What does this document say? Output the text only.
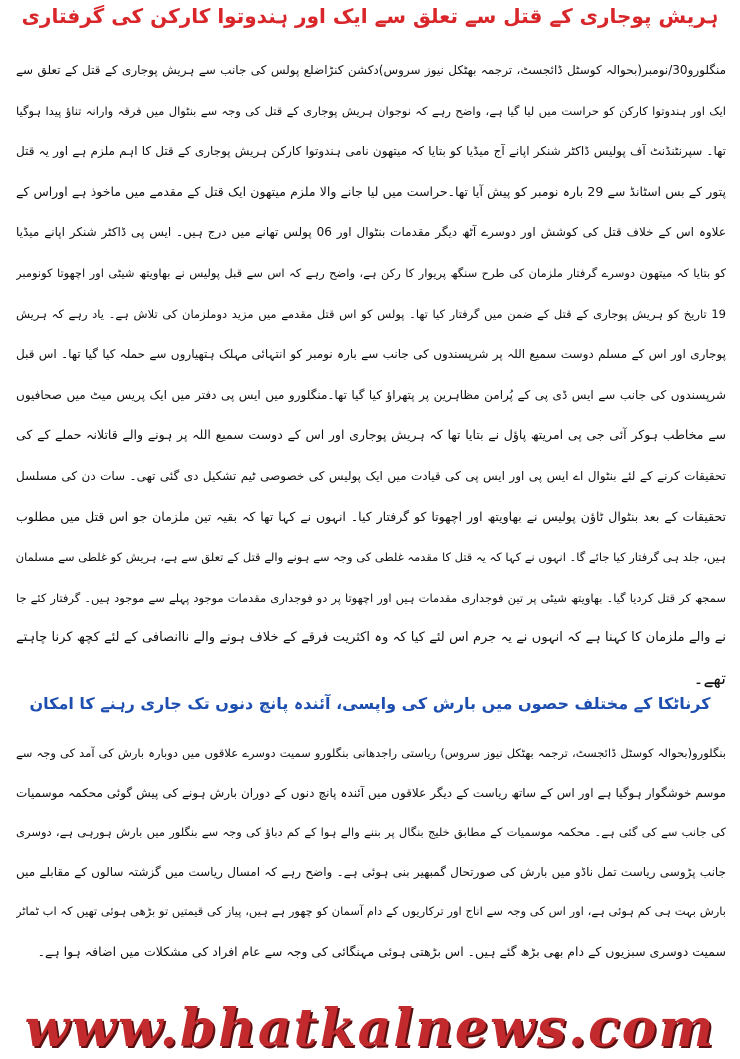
ہریش پوجاری کے قتل سے تعلق سے ایک اور ہندوتوا کارکن کی گرفتاری
منگلورو30/نومبر(بحوالہ کوسٹل ڈائجسٹ، ترجمہ بھٹکل نیوز سروس)دکشن کنڑاضلع پولس کی جانب سے ہریش پوجاری کے قتل کے تعلق سے
ایک اور ہندوتوا کارکن کو حراست میں لیا گیا ہے، واضح رہے کہ نوجوان ہریش پوجاری کے قتل کی وجہ سے بنٹوال میں فرقہ وارانہ تناؤ پیدا ہوگیا
تھا۔ سپرنٹنڈنٹ آف پولیس ڈاکٹر شنکر اپانے آج میڈیا کو بتایا کہ میتھون نامی ہندوتوا کارکن ہریش پوجاری کے قتل کا اہم ملزم ہے اور یہ قتل
پتور کے بس اسٹانڈ سے 29 بارہ نومبر کو پیش آیا تھا۔حراست میں لیا جانے والا ملزم میتھون ایک قتل کے مقدمے میں ماخوذ ہے اوراس کے
علاوہ اس کے خلاف قتل کی کوشش اور دوسرے آٹھ دیگر مقدمات بنٹوال اور 06 پولس تھانے میں درج ہیں۔ ایس پی ڈاکٹر شنکر اپانے میڈیا
کو بتایا کہ میتھون دوسرے گرفتار ملزمان کی طرح سنگھ پریوار کا رکن ہے، واضح رہے کہ اس سے قبل پولیس نے بھاویتھ شیٹی اور اچھوتا کونومبر
19 تاریخ کو ہریش پوجاری کے قتل کے ضمن میں گرفتار کیا تھا۔ پولس کو اس قتل مقدمے میں مزید دوملزمان کی تلاش ہے۔ یاد رہے کہ ہریش
پوجاری اور اس کے مسلم دوست سمیع اللہ پر شرپسندوں کی جانب سے بارہ نومبر کو انتہائی مہلک ہتھیاروں سے حملہ کیا گیا تھا۔ اس قبل
شرپسندوں کی جانب سے ایس ڈی پی کے پُرامن مظاہرین پر پتھراؤ کیا گیا تھا۔منگلورو میں ایس پی دفتر میں ایک پریس میٹ میں صحافیوں
سے مخاطب ہوکر آئی جی پی امریتھ پاؤل نے بتایا تھا کہ ہریش پوجاری اور اس کے دوست سمیع اللہ پر ہونے والے قاتلانہ حملے کے کی
تحقیقات کرنے کے لئے بنٹوال اے ایس پی اور ایس پی کی قیادت میں ایک پولیس کی خصوصی ٹیم تشکیل دی گئی تھی۔ سات دن کی مسلسل
تحقیقات کے بعد بنٹوال ٹاؤن پولیس نے بھاویتھ اور اچھوتا کو گرفتار کیا۔ انہوں نے کہا تھا کہ بقیہ تین ملزمان جو اس قتل میں مطلوب
ہیں، جلد ہی گرفتار کیا جائے گا۔ انہوں نے کہا کہ یہ قتل کا مقدمہ غلطی کی وجہ سے ہونے والے قتل کے تعلق سے ہے، ہریش کو غلطی سے مسلمان
سمجھ کر قتل کردیا گیا۔ بھاویتھ شیٹی پر تین فوجداری مقدمات ہیں اور اچھوتا پر دو فوجداری مقدمات موجود پہلے سے موجود ہیں۔ گرفتار کئے جا
نے والے ملزمان کا کہنا ہے کہ انہوں نے یہ جرم اس لئے کیا کہ وہ اکثریت فرقے کے خلاف ہونے والے ناانصافی کے لئے کچھ کرنا چاہتے
تھے۔
کرناٹکا کے مختلف حصوں میں بارش کی واپسی، آئندہ پانچ دنوں تک جاری رہنے کا امکان
بنگلورو(بحوالہ کوسٹل ڈائجسٹ، ترجمہ بھٹکل نیوز سروس) ریاستی راجدھانی بنگلورو سمیت دوسرے علاقوں میں دوبارہ بارش کی آمد کی وجہ سے
موسم خوشگوار ہوگیا ہے اور اس کے ساتھ ریاست کے دیگر علاقوں میں آئندہ پانچ دنوں کے دوران بارش ہونے کی پیش گوئی محکمہ موسمیات
کی جانب سے کی گئی ہے۔ محکمہ موسمیات کے مطابق خلیج بنگال پر بننے والے ہوا کے کم دباؤ کی وجہ سے بنگلور میں بارش ہورہی ہے، دوسری
جانب پڑوسی ریاست تمل ناڈو میں بارش کی صورتحال گمبھیر بنی ہوئی ہے۔ واضح رہے کہ امسال ریاست میں گزشتہ سالوں کے مقابلے میں
بارش بہت ہی کم ہوئی ہے، اور اس کی وجہ سے اناج اور ترکاریوں کے دام آسمان کو چھور ہے ہیں، پیاز کی قیمتیں تو بڑھی ہوئی تھیں کہ اب ٹماٹر
سمیت دوسری سبزیوں کے دام بھی بڑھ گئے ہیں۔ اس بڑھتی ہوئی مہنگائی کی وجہ سے عام افراد کی مشکلات میں اضافہ ہوا ہے۔
www.bhatkalnews.com
